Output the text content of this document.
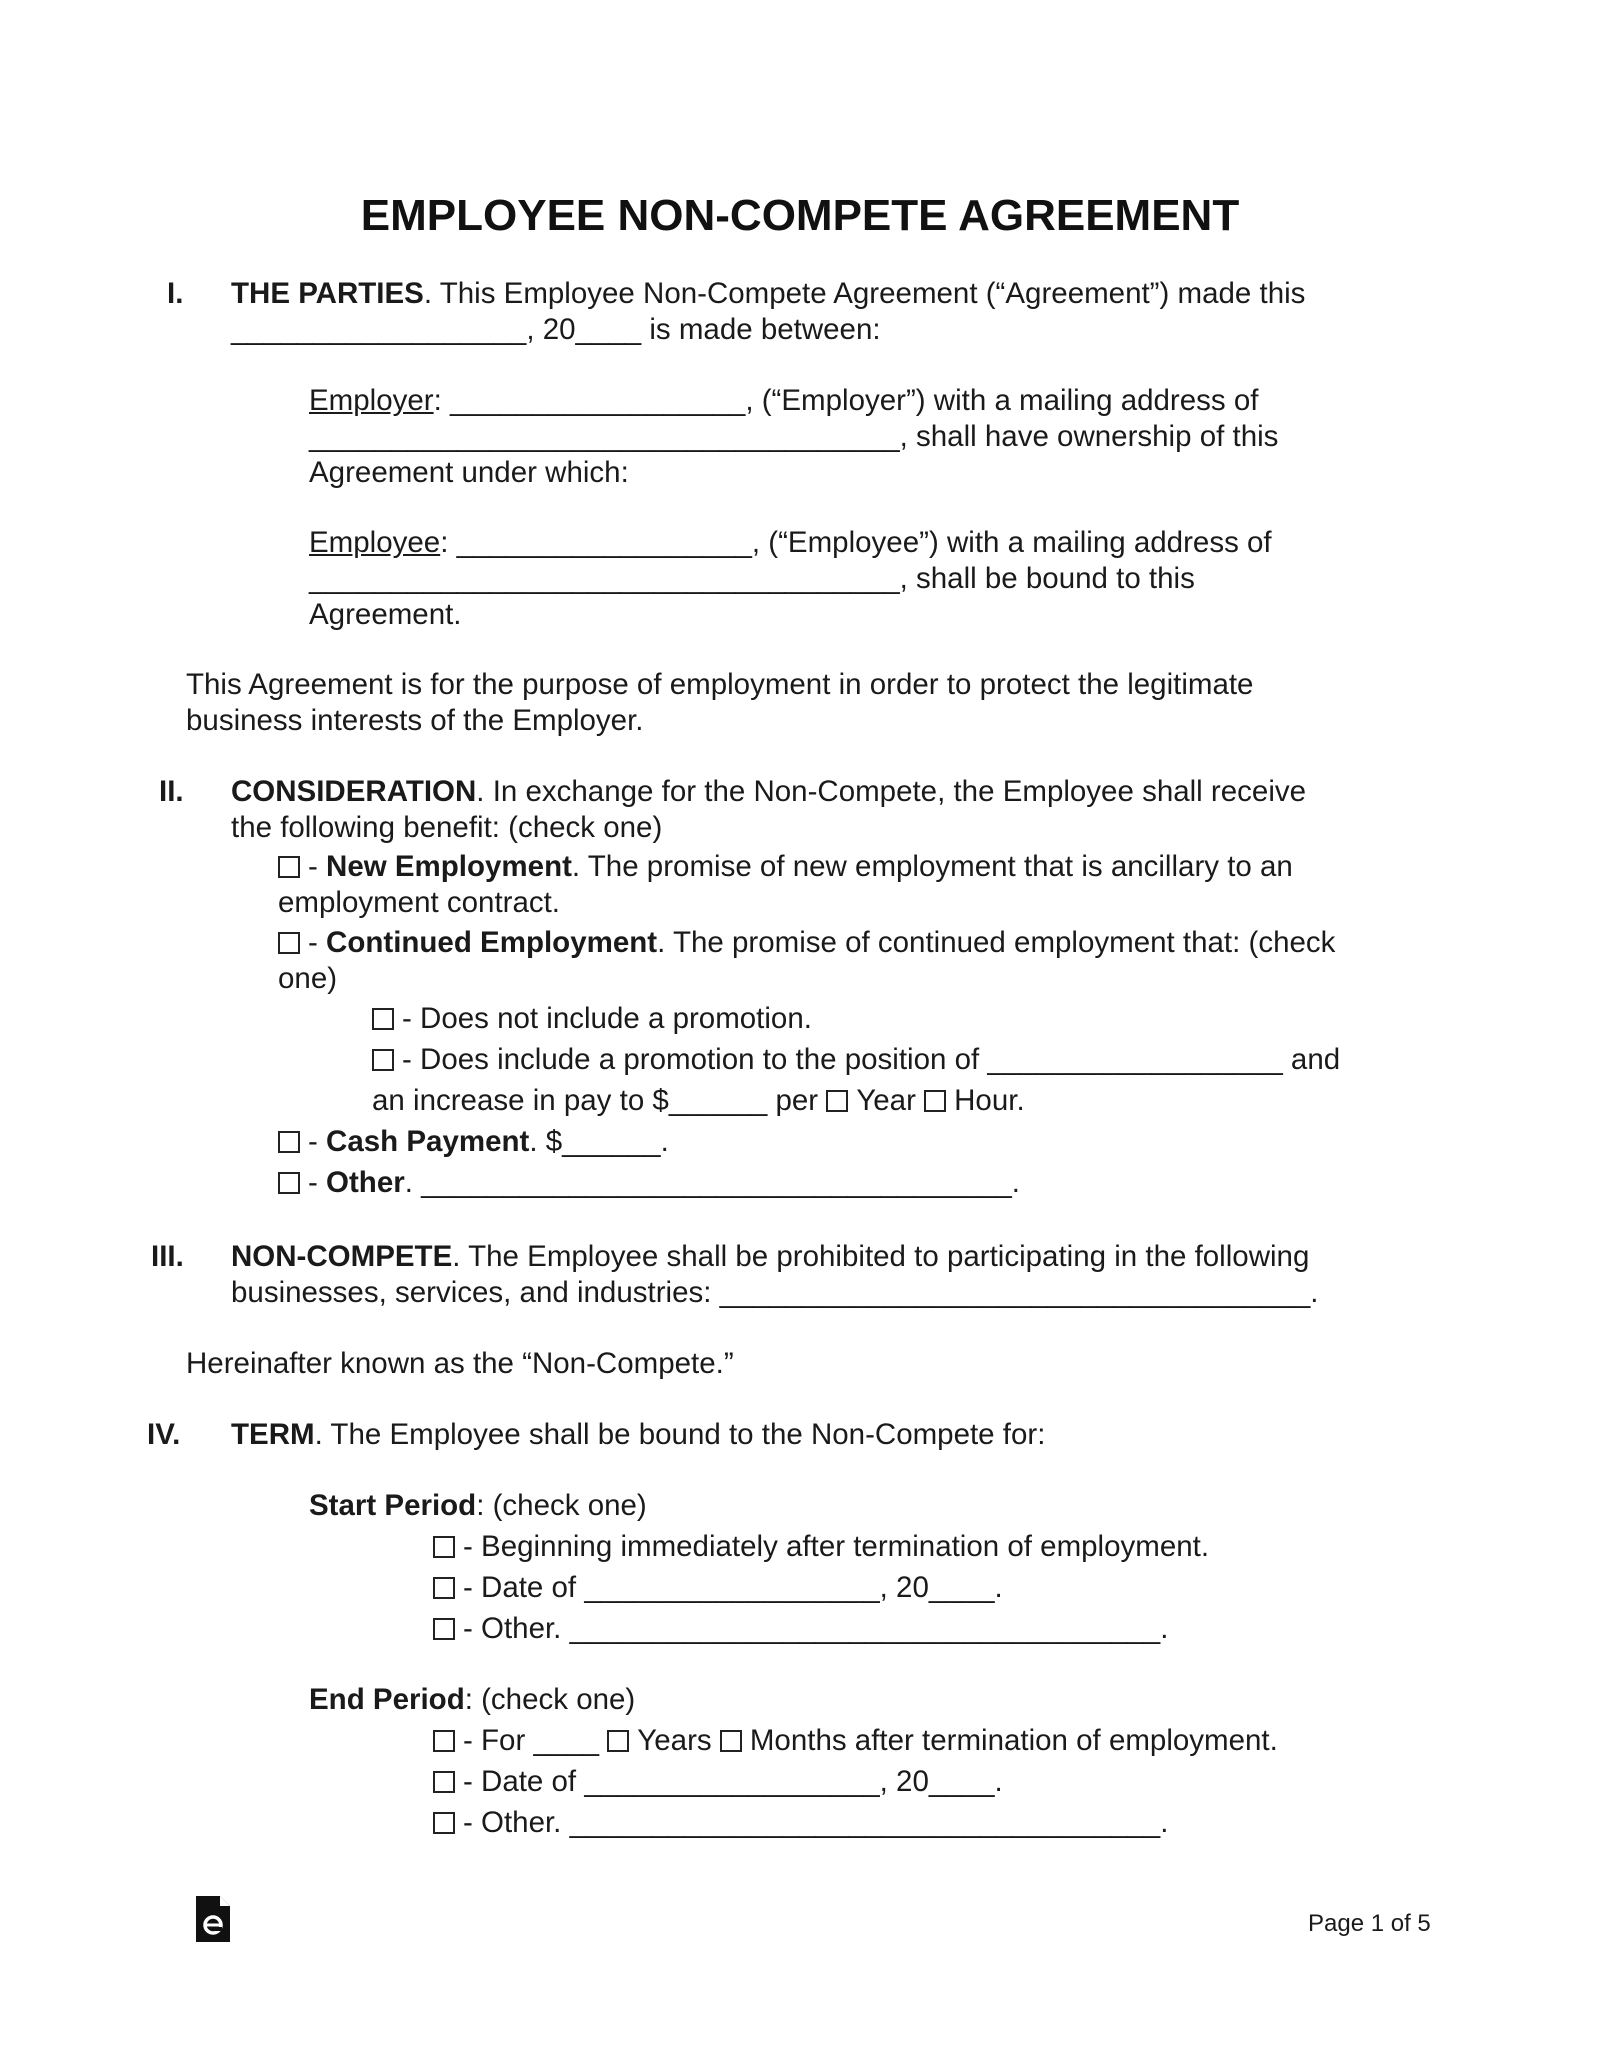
EMPLOYEE NON-COMPETE AGREEMENT
I. THE PARTIES. This Employee Non-Compete Agreement (“Agreement”) made this
__________________, 20____ is made between:
Employer: __________________, (“Employer”) with a mailing address of
____________________________________, shall have ownership of this
Agreement under which:
Employee: __________________, (“Employee”) with a mailing address of
____________________________________, shall be bound to this
Agreement.
This Agreement is for the purpose of employment in order to protect the legitimate
business interests of the Employer.
II. CONSIDERATION. In exchange for the Non-Compete, the Employee shall receive
the following benefit: (check one)
- New Employment. The promise of new employment that is ancillary to an
employment contract.
- Continued Employment. The promise of continued employment that: (check
one)
- Does not include a promotion.
- Does include a promotion to the position of __________________ and
an increase in pay to $______ per Year Hour.
- Cash Payment. $______.
- Other. ____________________________________.
III. NON-COMPETE. The Employee shall be prohibited to participating in the following
businesses, services, and industries: ____________________________________.
Hereinafter known as the “Non-Compete.”
IV. TERM. The Employee shall be bound to the Non-Compete for:
Start Period: (check one)
- Beginning immediately after termination of employment.
- Date of __________________, 20____.
- Other. ____________________________________.
End Period: (check one)
- For ____ Years Months after termination of employment.
- Date of __________________, 20____.
- Other. ____________________________________.
Page 1 of 5
